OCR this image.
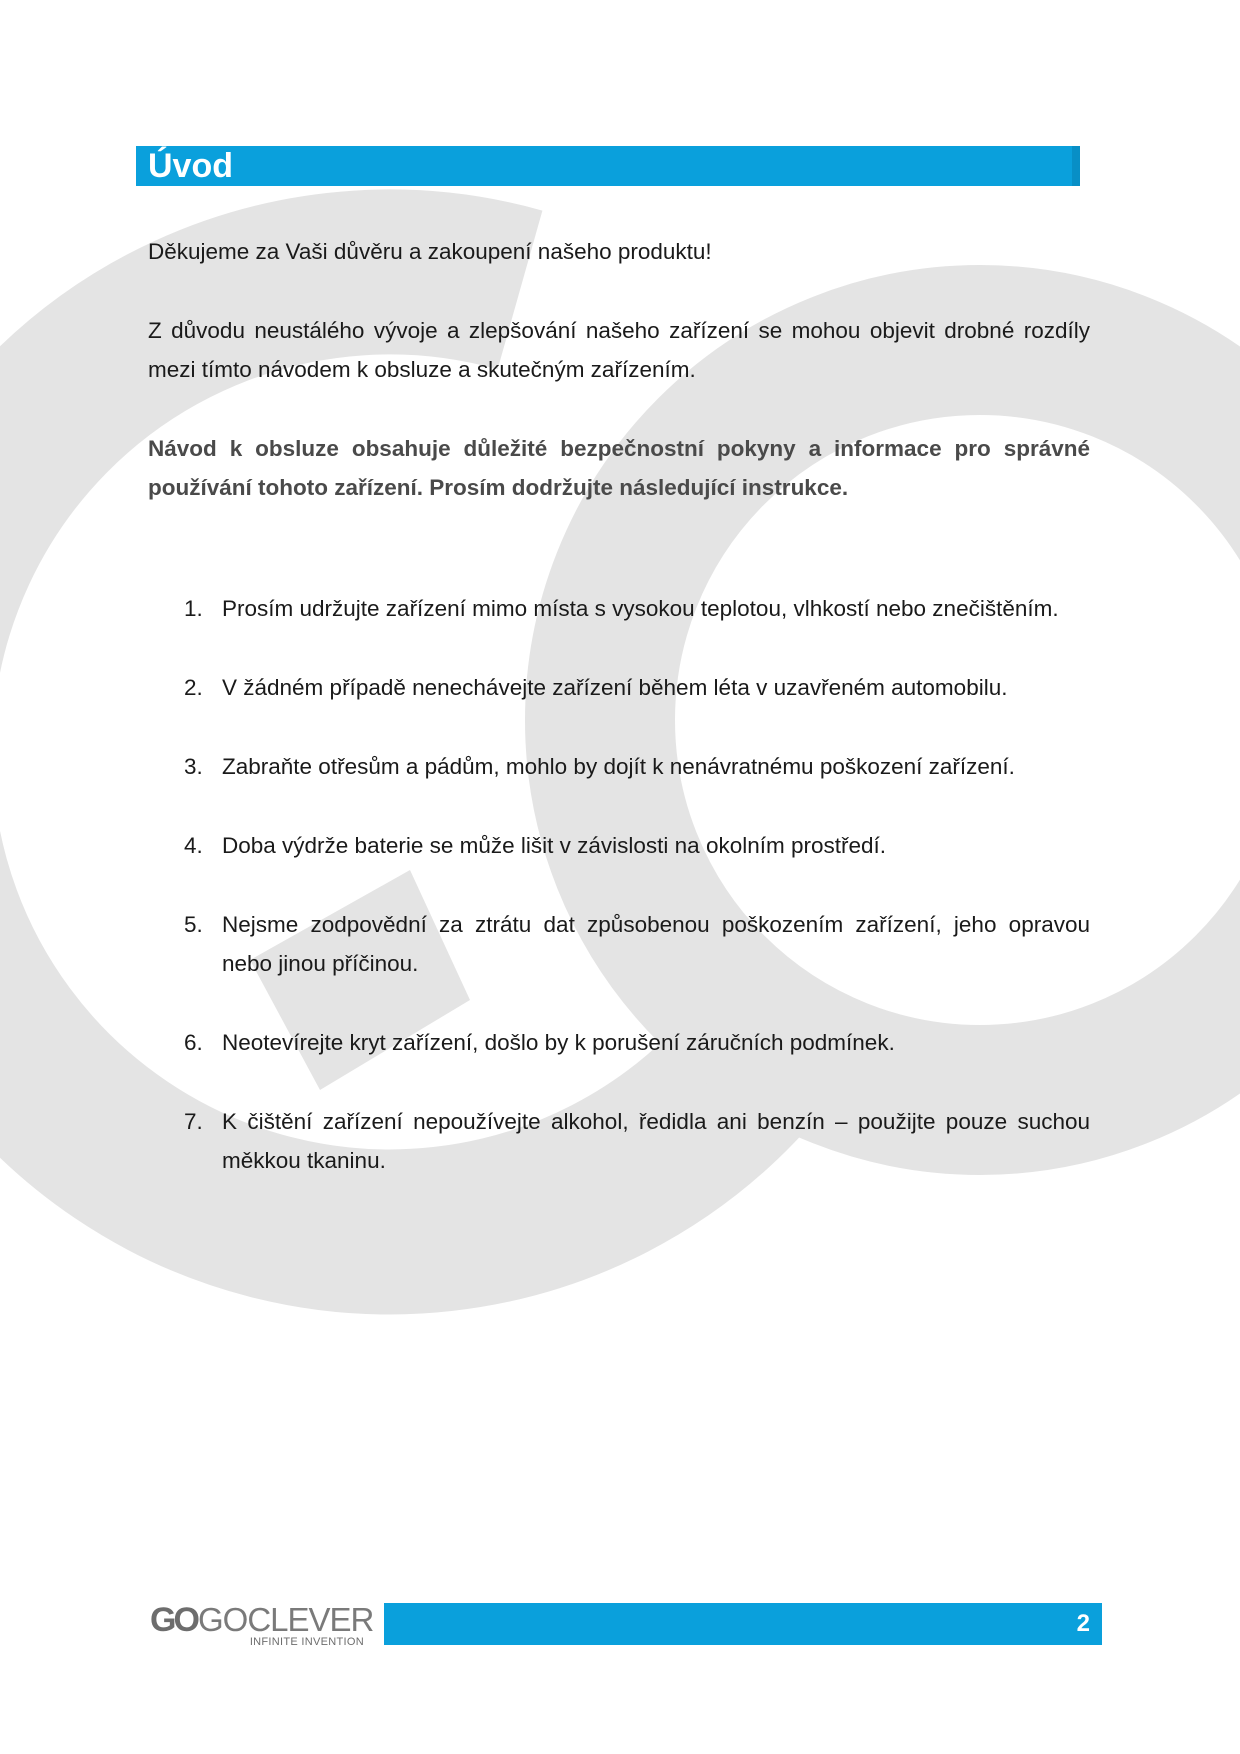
Úvod

Děkujeme za Vaši důvěru a zakoupení našeho produktu!

Z důvodu neustálého vývoje a zlepšování našeho zařízení se mohou objevit drobné rozdíly mezi tímto návodem k obsluze a skutečným zařízením.

Návod k obsluze obsahuje důležité bezpečnostní pokyny a informace pro správné používání tohoto zařízení. Prosím dodržujte následující instrukce.

1. Prosím udržujte zařízení mimo místa s vysokou teplotou, vlhkostí nebo znečištěním.
2. V žádném případě nenechávejte zařízení během léta v uzavřeném automobilu.
3. Zabraňte otřesům a pádům, mohlo by dojít k nenávratnému poškození zařízení.
4. Doba výdrže baterie se může lišit v závislosti na okolním prostředí.
5. Nejsme zodpovědní za ztrátu dat způsobenou poškozením zařízení, jeho opravou nebo jinou příčinou.
6. Neotevírejte kryt zařízení, došlo by k porušení záručních podmínek.
7. K čištění zařízení nepoužívejte alkohol, ředidla ani benzín – použijte pouze suchou měkkou tkaninu.
GO GOCLEVER
INFINITE INVENTION
2
